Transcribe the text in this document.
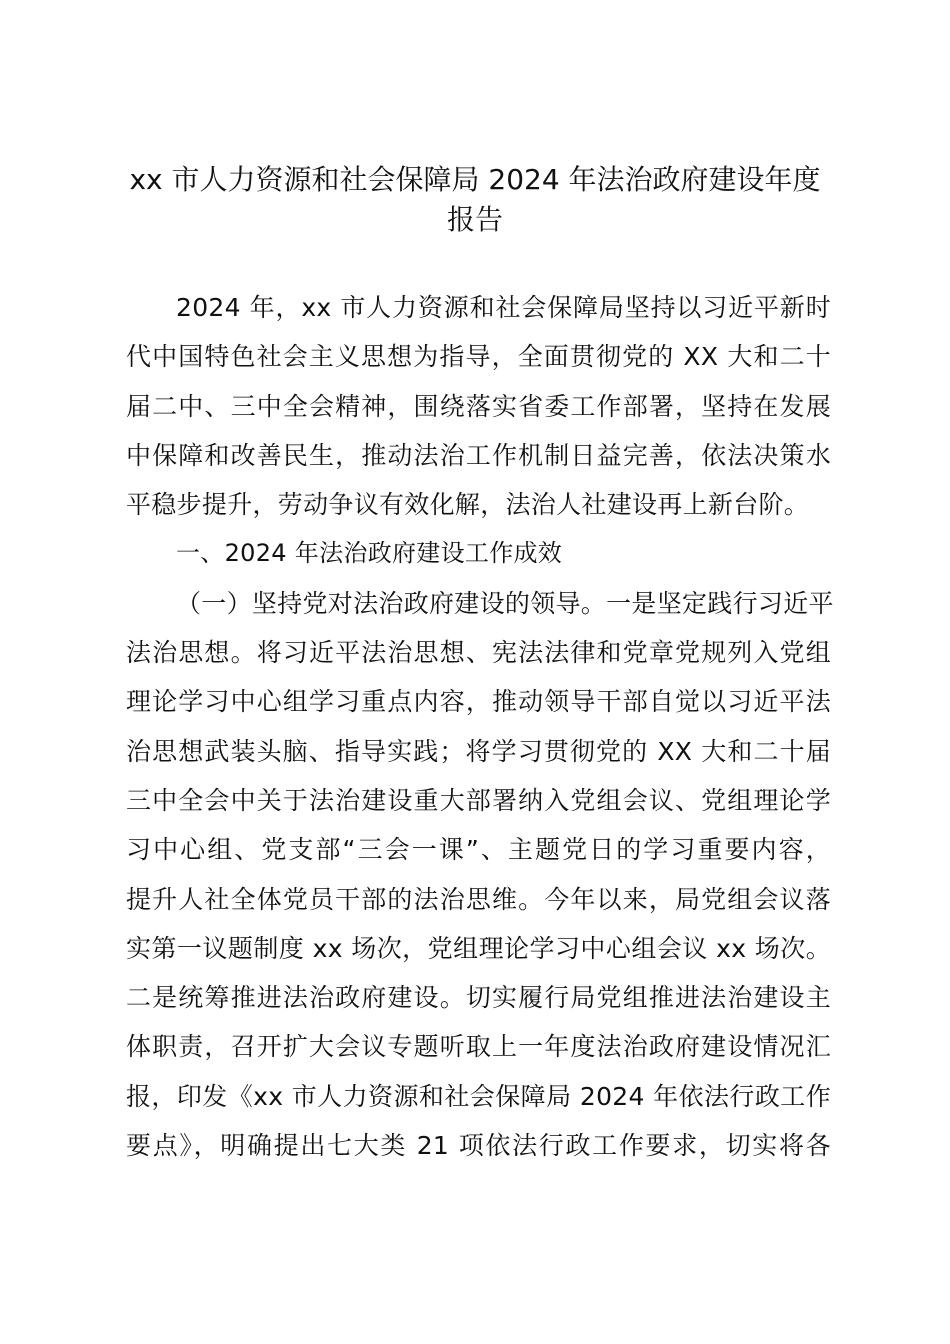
xx 市人力资源和社会保障局 2024 年法治政府建设年度
报告
2024 年，xx 市人力资源和社会保障局坚持以习近平新时
代中国特色社会主义思想为指导，全面贯彻党的 XX 大和二十
届二中、三中全会精神，围绕落实省委工作部署，坚持在发展
中保障和改善民生，推动法治工作机制日益完善，依法决策水
平稳步提升，劳动争议有效化解，法治人社建设再上新台阶。
一、2024 年法治政府建设工作成效
（一）坚持党对法治政府建设的领导。一是坚定践行习近平
法治思想。将习近平法治思想、宪法法律和党章党规列入党组
理论学习中心组学习重点内容，推动领导干部自觉以习近平法
治思想武装头脑、指导实践；将学习贯彻党的 XX 大和二十届
三中全会中关于法治建设重大部署纳入党组会议、党组理论学
习中心组、党支部“三会一课”、主题党日的学习重要内容，
提升人社全体党员干部的法治思维。今年以来，局党组会议落
实第一议题制度 xx 场次，党组理论学习中心组会议 xx 场次。
二是统筹推进法治政府建设。切实履行局党组推进法治建设主
体职责，召开扩大会议专题听取上一年度法治政府建设情况汇
报，印发《xx 市人力资源和社会保障局 2024 年依法行政工作
要点》，明确提出七大类 21 项依法行政工作要求，切实将各
